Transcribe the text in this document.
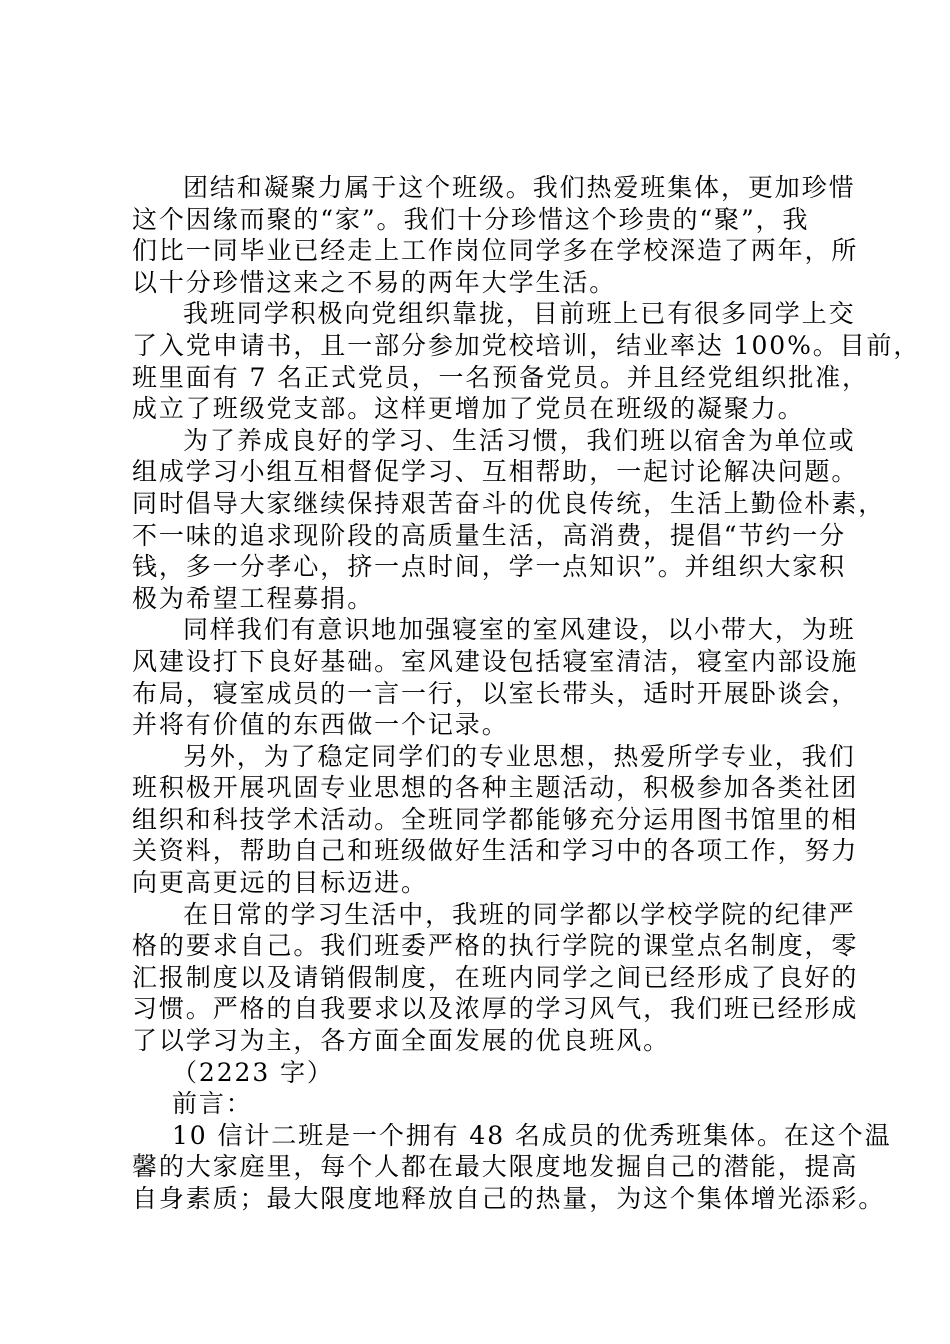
团结和凝聚力属于这个班级。我们热爱班集体，更加珍惜
这个因缘而聚的“家”。我们十分珍惜这个珍贵的“聚”，我
们比一同毕业已经走上工作岗位同学多在学校深造了两年，所
以十分珍惜这来之不易的两年大学生活。
我班同学积极向党组织靠拢，目前班上已有很多同学上交
了入党申请书，且一部分参加党校培训，结业率达 100%。目前，
班里面有 7 名正式党员，一名预备党员。并且经党组织批准，
成立了班级党支部。这样更增加了党员在班级的凝聚力。
为了养成良好的学习、生活习惯，我们班以宿舍为单位或
组成学习小组互相督促学习、互相帮助，一起讨论解决问题。
同时倡导大家继续保持艰苦奋斗的优良传统，生活上勤俭朴素，
不一味的追求现阶段的高质量生活，高消费，提倡“节约一分
钱，多一分孝心，挤一点时间，学一点知识”。并组织大家积
极为希望工程募捐。
同样我们有意识地加强寝室的室风建设，以小带大，为班
风建设打下良好基础。室风建设包括寝室清洁，寝室内部设施
布局，寝室成员的一言一行，以室长带头，适时开展卧谈会，
并将有价值的东西做一个记录。
另外，为了稳定同学们的专业思想，热爱所学专业，我们
班积极开展巩固专业思想的各种主题活动，积极参加各类社团
组织和科技学术活动。全班同学都能够充分运用图书馆里的相
关资料，帮助自己和班级做好生活和学习中的各项工作，努力
向更高更远的目标迈进。
在日常的学习生活中，我班的同学都以学校学院的纪律严
格的要求自己。我们班委严格的执行学院的课堂点名制度，零
汇报制度以及请销假制度，在班内同学之间已经形成了良好的
习惯。严格的自我要求以及浓厚的学习风气，我们班已经形成
了以学习为主，各方面全面发展的优良班风。
（2223 字）
前言：
10 信计二班是一个拥有 48 名成员的优秀班集体。在这个温
馨的大家庭里，每个人都在最大限度地发掘自己的潜能，提高
自身素质；最大限度地释放自己的热量，为这个集体增光添彩。
